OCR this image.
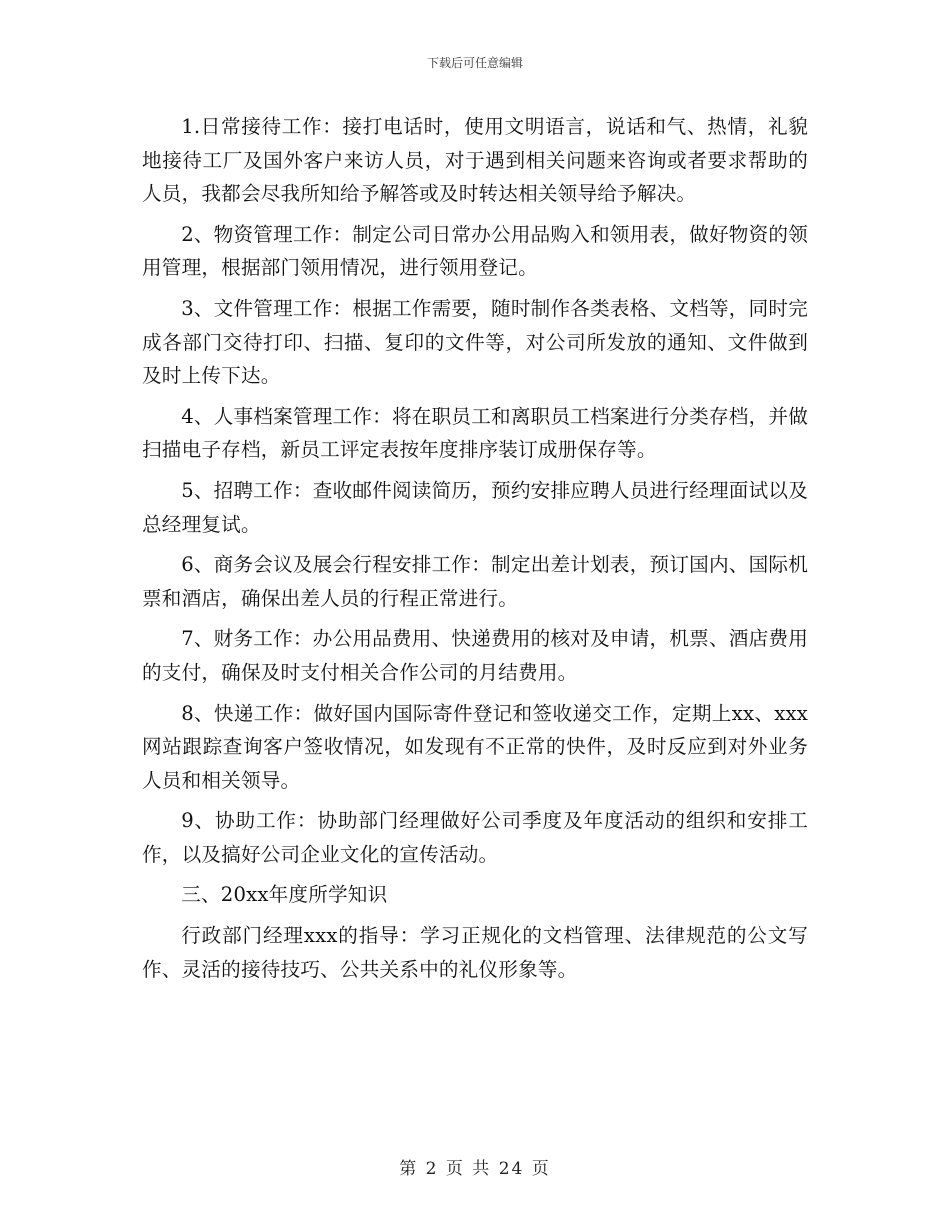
下载后可任意编辑

1.日常接待工作：接打电话时，使用文明语言，说话和气、热情，礼貌地接待工厂及国外客户来访人员，对于遇到相关问题来咨询或者要求帮助的人员，我都会尽我所知给予解答或及时转达相关领导给予解决。

2、物资管理工作：制定公司日常办公用品购入和领用表，做好物资的领用管理，根据部门领用情况，进行领用登记。

3、文件管理工作：根据工作需要，随时制作各类表格、文档等，同时完成各部门交待打印、扫描、复印的文件等，对公司所发放的通知、文件做到及时上传下达。

4、人事档案管理工作：将在职员工和离职员工档案进行分类存档，并做扫描电子存档，新员工评定表按年度排序装订成册保存等。

5、招聘工作：查收邮件阅读简历，预约安排应聘人员进行经理面试以及总经理复试。

6、商务会议及展会行程安排工作：制定出差计划表，预订国内、国际机票和酒店，确保出差人员的行程正常进行。

7、财务工作：办公用品费用、快递费用的核对及申请，机票、酒店费用的支付，确保及时支付相关合作公司的月结费用。

8、快递工作：做好国内国际寄件登记和签收递交工作，定期上xx、xxx网站跟踪查询客户签收情况，如发现有不正常的快件，及时反应到对外业务人员和相关领导。

9、协助工作：协助部门经理做好公司季度及年度活动的组织和安排工作，以及搞好公司企业文化的宣传活动。

三、20xx年度所学知识

行政部门经理xxx的指导：学习正规化的文档管理、法律规范的公文写作、灵活的接待技巧、公共关系中的礼仪形象等。

第 2 页 共 24 页
